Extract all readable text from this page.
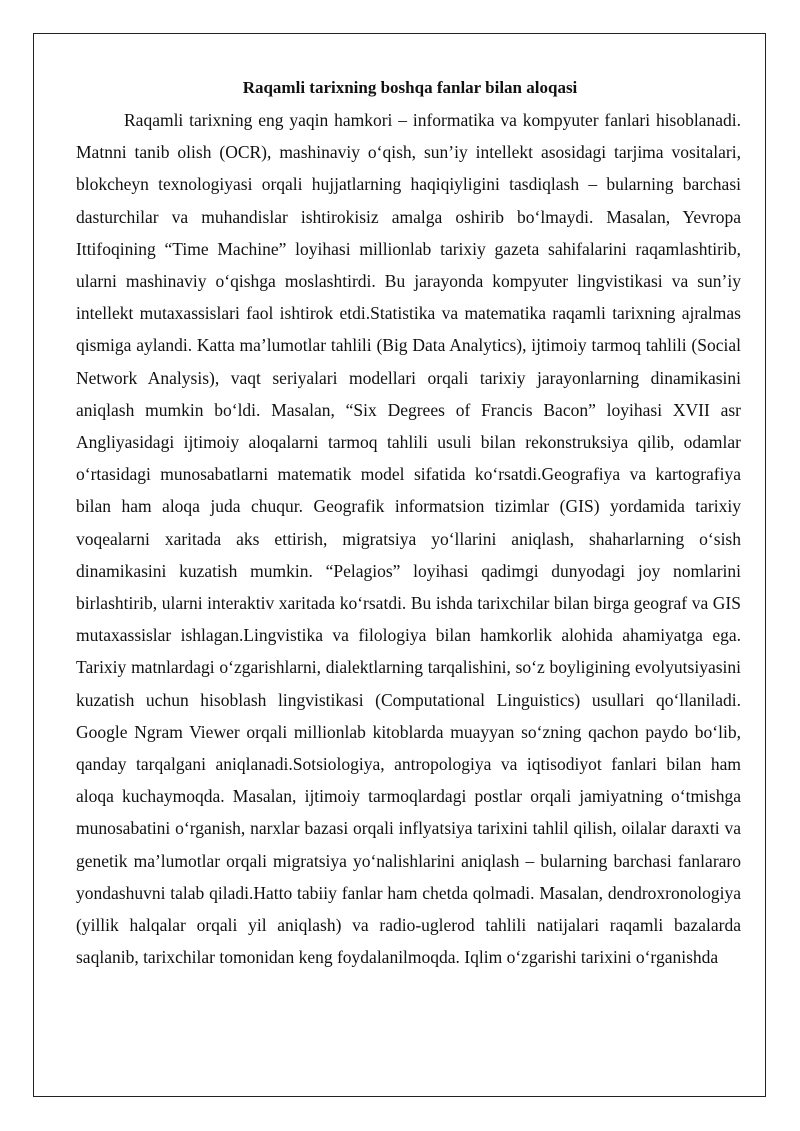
Raqamli tarixning boshqa fanlar bilan aloqasi

Raqamli tarixning eng yaqin hamkori – informatika va kompyuter fanlari hisoblanadi. Matnni tanib olish (OCR), mashinaviy oʻqish, sunʼiy intellekt asosidagi tarjima vositalari, blokcheyn texnologiyasi orqali hujjatlarning haqiqiyligini tasdiqlash – bularning barchasi dasturchilar va muhandislar ishtirokisiz amalga oshirib boʻlmaydi. Masalan, Yevropa Ittifoqining “Time Machine” loyihasi millionlab tarixiy gazeta sahifalarini raqamlashtirib, ularni mashinaviy oʻqishga moslashtirdi. Bu jarayonda kompyuter lingvistikasi va sunʼiy intellekt mutaxassislari faol ishtirok etdi.Statistika va matematika raqamli tarixning ajralmas qismiga aylandi. Katta maʼlumotlar tahlili (Big Data Analytics), ijtimoiy tarmoq tahlili (Social Network Analysis), vaqt seriyalari modellari orqali tarixiy jarayonlarning dinamikasini aniqlash mumkin boʻldi. Masalan, “Six Degrees of Francis Bacon” loyihasi XVII asr Angliyasidagi ijtimoiy aloqalarni tarmoq tahlili usuli bilan rekonstruksiya qilib, odamlar oʻrtasidagi munosabatlarni matematik model sifatida koʻrsatdi.Geografiya va kartografiya bilan ham aloqa juda chuqur. Geografik informatsion tizimlar (GIS) yordamida tarixiy voqealarni xaritada aks ettirish, migratsiya yoʻllarini aniqlash, shaharlarning oʻsish dinamikasini kuzatish mumkin. “Pelagios” loyihasi qadimgi dunyodagi joy nomlarini birlashtirib, ularni interaktiv xaritada koʻrsatdi. Bu ishda tarixchilar bilan birga geograf va GIS mutaxassislar ishlagan.Lingvistika va filologiya bilan hamkorlik alohida ahamiyatga ega. Tarixiy matnlardagi oʻzgarishlarni, dialektlarning tarqalishini, soʻz boyligining evolyutsiyasini kuzatish uchun hisoblash lingvistikasi (Computational Linguistics) usullari qoʻllaniladi. Google Ngram Viewer orqali millionlab kitoblarda muayyan soʻzning qachon paydo boʻlib, qanday tarqalgani aniqlanadi.Sotsiologiya, antropologiya va iqtisodiyot fanlari bilan ham aloqa kuchaymoqda. Masalan, ijtimoiy tarmoqlardagi postlar orqali jamiyatning oʻtmishga munosabatini oʻrganish, narxlar bazasi orqali inflyatsiya tarixini tahlil qilish, oilalar daraxti va genetik maʼlumotlar orqali migratsiya yoʻnalishlarini aniqlash – bularning barchasi fanlararo yondashuvni talab qiladi.Hatto tabiiy fanlar ham chetda qolmadi. Masalan, dendroxronologiya (yillik halqalar orqali yil aniqlash) va radio-uglerod tahlili natijalari raqamli bazalarda saqlanib, tarixchilar tomonidan keng foydalanilmoqda. Iqlim oʻzgarishi tarixini oʻrganishda
